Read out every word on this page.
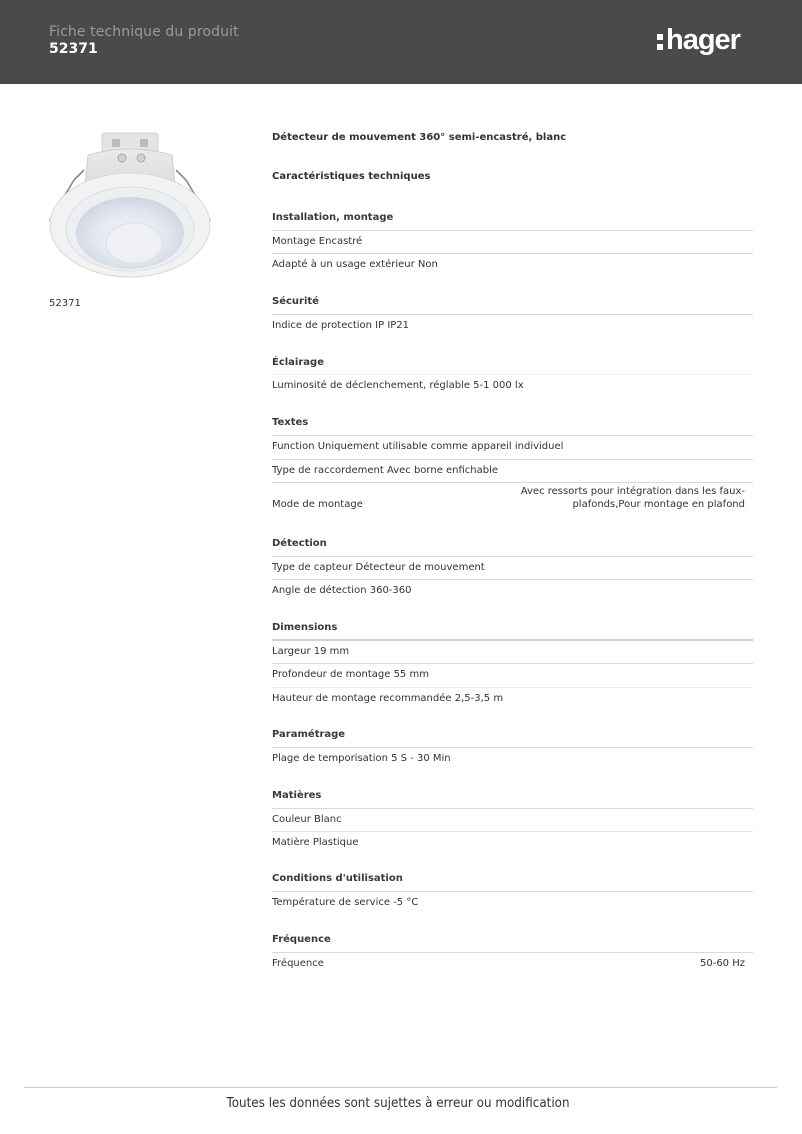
Fiche technique du produit
52371	hager
52371
Détecteur de mouvement 360° semi-encastré, blanc
Caractéristiques techniques
Installation, montage
Montage Encastré
Adapté à un usage extérieur Non
Sécurité
Indice de protection IP IP21
Éclairage
Luminosité de déclenchement, réglable 5-1 000 lx
Textes
Function Uniquement utilisable comme appareil individuel
Type de raccordement Avec borne enfichable
Mode de montage
Avec ressorts pour intégration dans les faux-
plafonds,Pour montage en plafond
Détection
Type de capteur Détecteur de mouvement
Angle de détection 360-360
Dimensions
Largeur 19 mm
Profondeur de montage 55 mm
Hauteur de montage recommandée 2,5-3,5 m
Paramétrage
Plage de temporisation 5 S - 30 Min
Matières
Couleur Blanc
Matière Plastique
Conditions d'utilisation
Température de service -5 °C
Fréquence
Fréquence	50-60 Hz
Toutes les données sont sujettes à erreur ou modification
